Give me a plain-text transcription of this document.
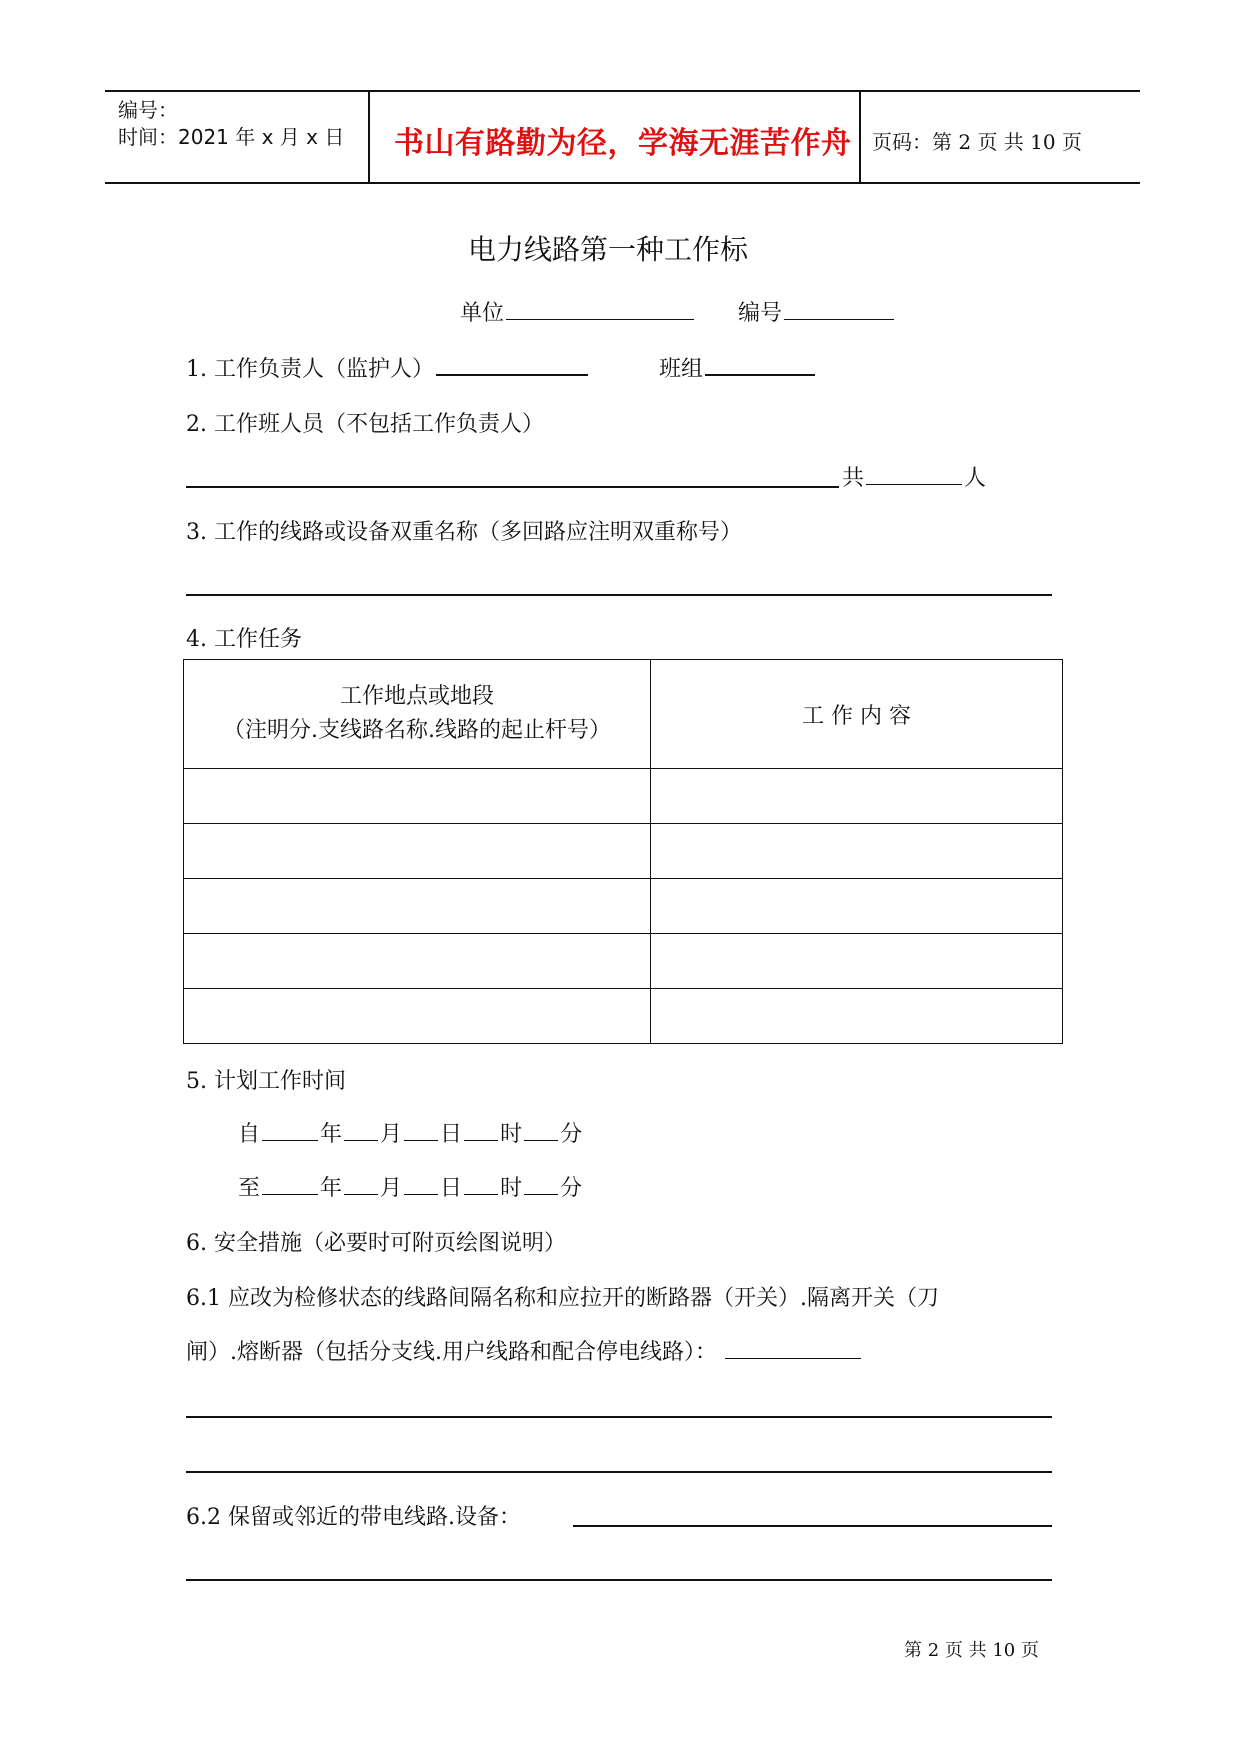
编号：
时间：2021 年 x 月 x 日 书山有路勤为径，学海无涯苦作舟 页码：第 2 页 共 10 页
电力线路第一种工作标
单位	编号
1. 工作负责人（监护人）	班组
2. 工作班人员（不包括工作负责人）
共	人
3. 工作的线路或设备双重名称（多回路应注明双重称号）
4. 工作任务
工作地点或地段
（注明分.支线路名称.线路的起止杆号）	工 作 内 容

5. 计划工作时间
自	年 月 日 时 分
至	年 月 日 时 分
6. 安全措施（必要时可附页绘图说明）
6.1 应改为检修状态的线路间隔名称和应拉开的断路器（开关）.隔离开关（刀
闸）.熔断器（包括分支线.用户线路和配合停电线路）：
6.2 保留或邻近的带电线路.设备：
第 2 页 共 10 页
